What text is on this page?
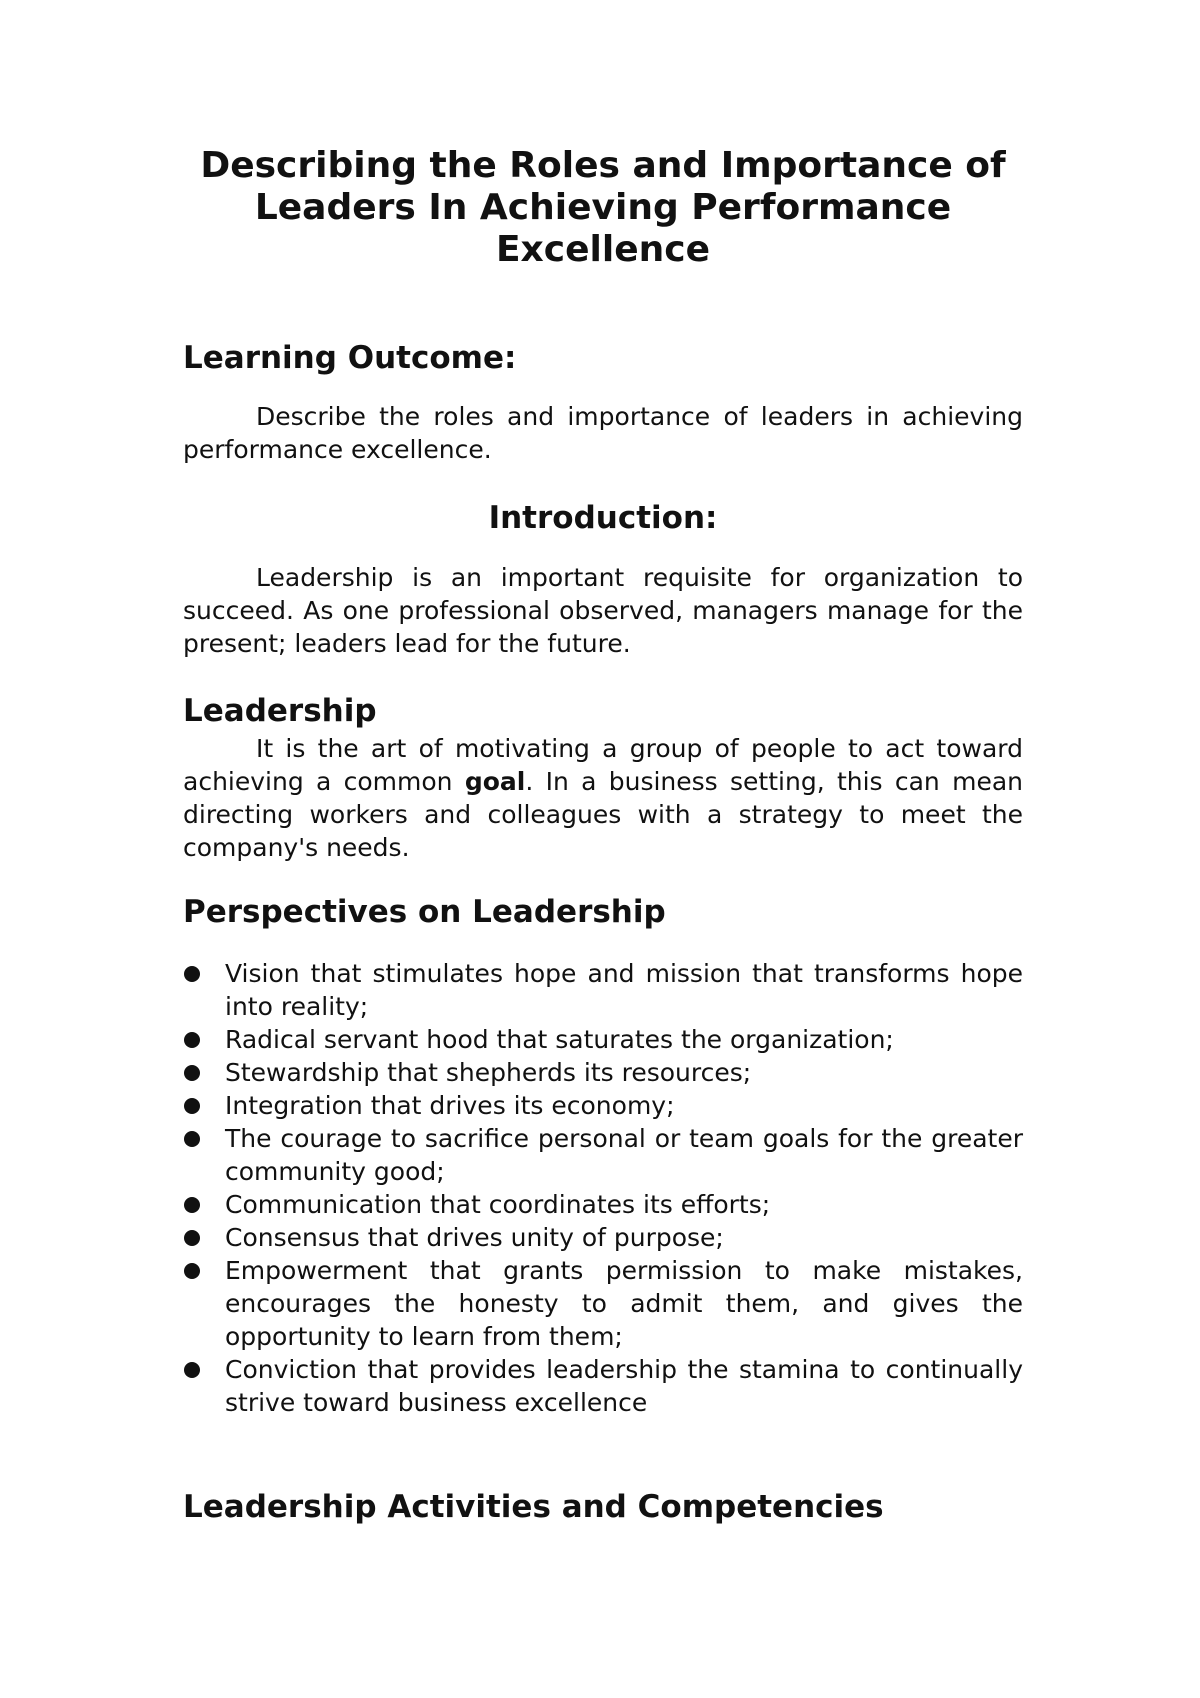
Describing the Roles and Importance of
Leaders In Achieving Performance
Excellence
Learning Outcome:

Describe the roles and importance of leaders in achieving performance excellence.

Introduction:

Leadership is an important requisite for organization to succeed. As one professional observed, managers manage for the present; leaders lead for the future.

Leadership

It is the art of motivating a group of people to act toward achieving a common goal. In a business setting, this can mean directing workers and colleagues with a strategy to meet the company's needs.

Perspectives on Leadership
Vision that stimulates hope and mission that transforms hope into reality;
Radical servant hood that saturates the organization;
Stewardship that shepherds its resources;
Integration that drives its economy;
The courage to sacrifice personal or team goals for the greater community good;
Communication that coordinates its efforts;
Consensus that drives unity of purpose;
Empowerment that grants permission to make mistakes, encourages the honesty to admit them, and gives the opportunity to learn from them;
Conviction that provides leadership the stamina to continually strive toward business excellence
Leadership Activities and Competencies
